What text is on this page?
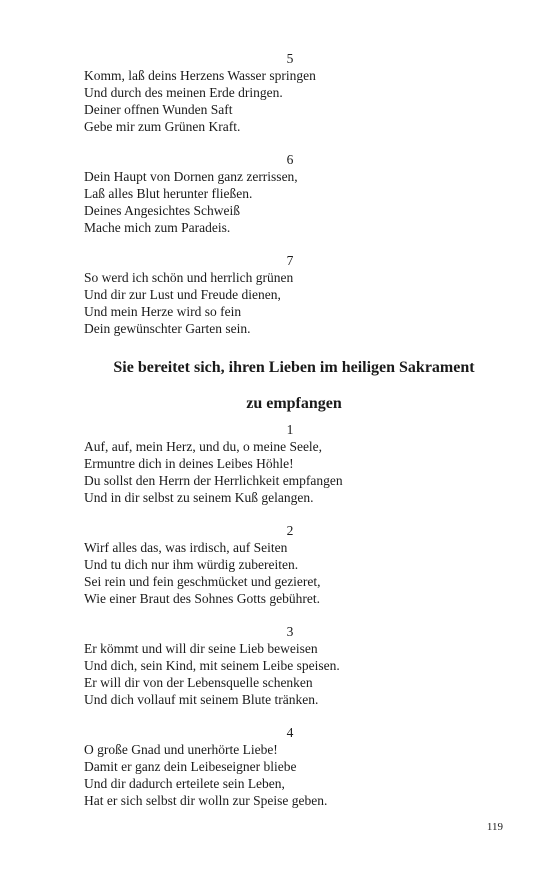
5
Komm, laß deins Herzens Wasser springen
Und durch des meinen Erde dringen.
Deiner offnen Wunden Saft
Gebe mir zum Grünen Kraft.
6
Dein Haupt von Dornen ganz zerrissen,
Laß alles Blut herunter fließen.
Deines Angesichtes Schweiß
Mache mich zum Paradeis.
7
So werd ich schön und herrlich grünen
Und dir zur Lust und Freude dienen,
Und mein Herze wird so fein
Dein gewünschter Garten sein.
Sie bereitet sich, ihren Lieben im heiligen Sakrament
zu empfangen
1
Auf, auf, mein Herz, und du, o meine Seele,
Ermuntre dich in deines Leibes Höhle!
Du sollst den Herrn der Herrlichkeit empfangen
Und in dir selbst zu seinem Kuß gelangen.
2
Wirf alles das, was irdisch, auf Seiten
Und tu dich nur ihm würdig zubereiten.
Sei rein und fein geschmücket und gezieret,
Wie einer Braut des Sohnes Gotts gebühret.
3
Er kömmt und will dir seine Lieb beweisen
Und dich, sein Kind, mit seinem Leibe speisen.
Er will dir von der Lebensquelle schenken
Und dich vollauf mit seinem Blute tränken.
4
O große Gnad und unerhörte Liebe!
Damit er ganz dein Leibeseigner bliebe
Und dir dadurch erteilete sein Leben,
Hat er sich selbst dir wolln zur Speise geben.
119
